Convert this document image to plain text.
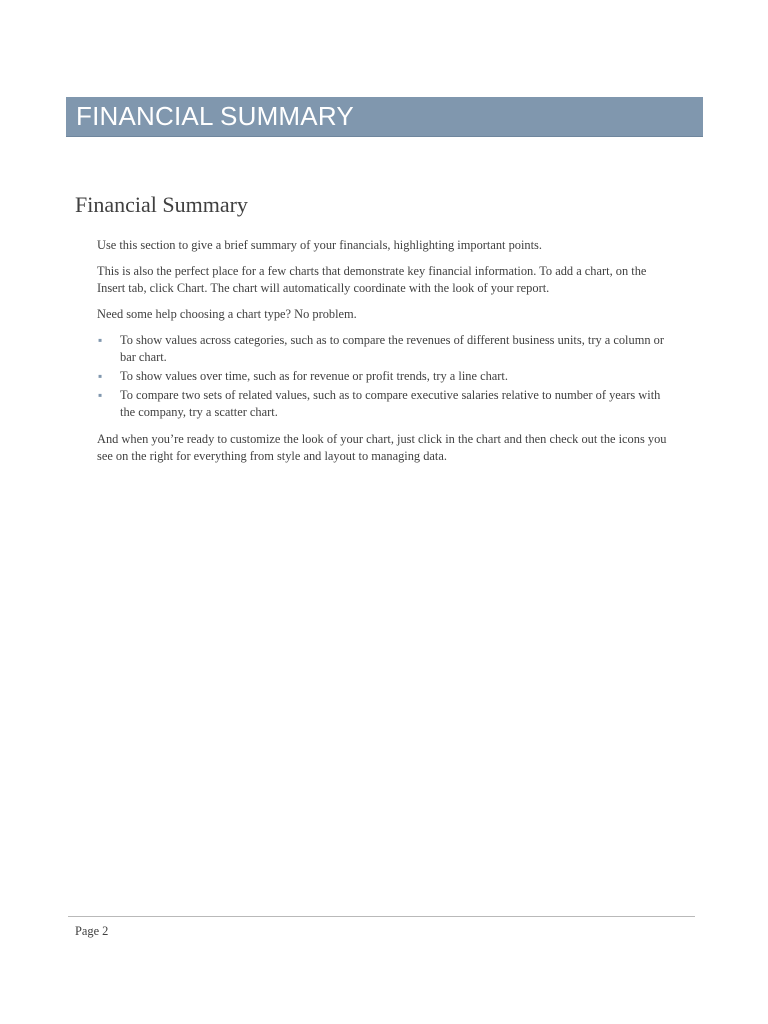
FINANCIAL SUMMARY
Financial Summary

Use this section to give a brief summary of your financials, highlighting important points.

This is also the perfect place for a few charts that demonstrate key financial information. To add a chart, on the Insert tab, click Chart. The chart will automatically coordinate with the look of your report.

Need some help choosing a chart type? No problem.

▪ To show values across categories, such as to compare the revenues of different business units, try a column or bar chart.
▪ To show values over time, such as for revenue or profit trends, try a line chart.
▪ To compare two sets of related values, such as to compare executive salaries relative to number of years with the company, try a scatter chart.

And when you’re ready to customize the look of your chart, just click in the chart and then check out the icons you see on the right for everything from style and layout to managing data.

Page 2
